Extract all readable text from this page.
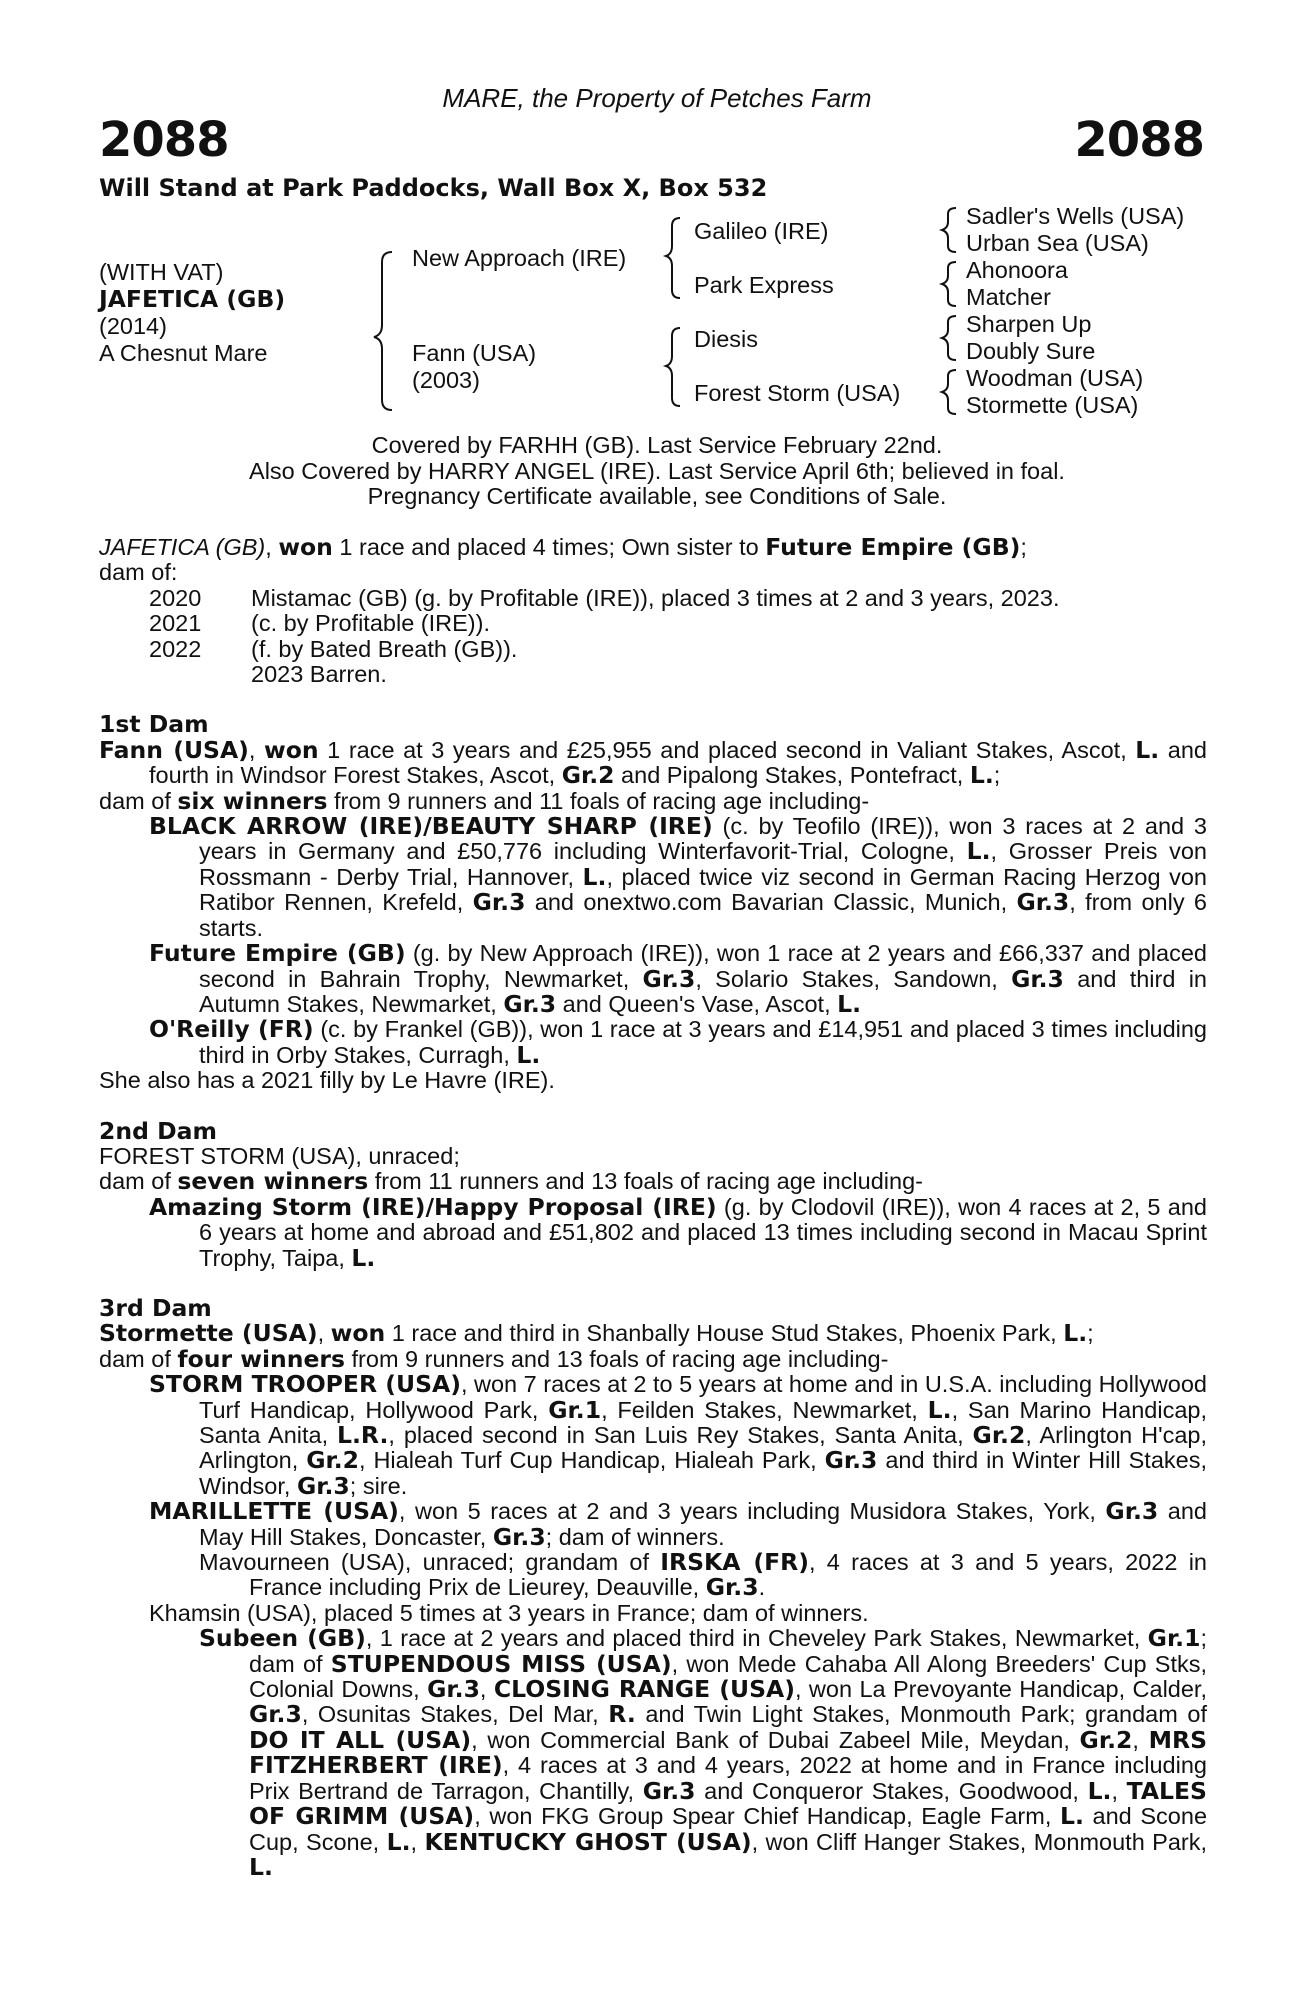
MARE, the Property of Petches Farm
2088	2088
Will Stand at Park Paddocks, Wall Box X, Box 532
(WITH VAT)
JAFETICA (GB)
(2014)
A Chesnut Mare
New Approach (IRE)
Fann (USA)
(2003)
Galileo (IRE)
Park Express
Diesis
Forest Storm (USA)
Sadler's Wells (USA)
Urban Sea (USA)
Ahonoora
Matcher
Sharpen Up
Doubly Sure
Woodman (USA)
Stormette (USA)
Covered by FARHH (GB). Last Service February 22nd.
Also Covered by HARRY ANGEL (IRE). Last Service April 6th; believed in foal.
Pregnancy Certificate available, see Conditions of Sale.

JAFETICA (GB), won 1 race and placed 4 times; Own sister to Future Empire (GB);

dam of:

2020	Mistamac (GB) (g. by Profitable (IRE)), placed 3 times at 2 and 3 years, 2023.
2021	(c. by Profitable (IRE)).
2022	(f. by Bated Breath (GB)).
2023 Barren.

1st Dam

Fann (USA), won 1 race at 3 years and £25,955 and placed second in Valiant Stakes, Ascot, L. and fourth in Windsor Forest Stakes, Ascot, Gr.2 and Pipalong Stakes, Pontefract, L.;

dam of six winners from 9 runners and 11 foals of racing age including-

BLACK ARROW (IRE)/BEAUTY SHARP (IRE) (c. by Teofilo (IRE)), won 3 races at 2 and 3 years in Germany and £50,776 including Winterfavorit-Trial, Cologne, L., Grosser Preis von Rossmann - Derby Trial, Hannover, L., placed twice viz second in German Racing Herzog von Ratibor Rennen, Krefeld, Gr.3 and onextwo.com Bavarian Classic, Munich, Gr.3, from only 6 starts.

Future Empire (GB) (g. by New Approach (IRE)), won 1 race at 2 years and £66,337 and placed second in Bahrain Trophy, Newmarket, Gr.3, Solario Stakes, Sandown, Gr.3 and third in Autumn Stakes, Newmarket, Gr.3 and Queen's Vase, Ascot, L.

O'Reilly (FR) (c. by Frankel (GB)), won 1 race at 3 years and £14,951 and placed 3 times including third in Orby Stakes, Curragh, L.

She also has a 2021 filly by Le Havre (IRE).

2nd Dam

FOREST STORM (USA), unraced;

dam of seven winners from 11 runners and 13 foals of racing age including-

Amazing Storm (IRE)/Happy Proposal (IRE) (g. by Clodovil (IRE)), won 4 races at 2, 5 and 6 years at home and abroad and £51,802 and placed 13 times including second in Macau Sprint Trophy, Taipa, L.

3rd Dam

Stormette (USA), won 1 race and third in Shanbally House Stud Stakes, Phoenix Park, L.;

dam of four winners from 9 runners and 13 foals of racing age including-

STORM TROOPER (USA), won 7 races at 2 to 5 years at home and in U.S.A. including Hollywood Turf Handicap, Hollywood Park, Gr.1, Feilden Stakes, Newmarket, L., San Marino Handicap, Santa Anita, L.R., placed second in San Luis Rey Stakes, Santa Anita, Gr.2, Arlington H'cap, Arlington, Gr.2, Hialeah Turf Cup Handicap, Hialeah Park, Gr.3 and third in Winter Hill Stakes, Windsor, Gr.3; sire.

MARILLETTE (USA), won 5 races at 2 and 3 years including Musidora Stakes, York, Gr.3 and May Hill Stakes, Doncaster, Gr.3; dam of winners.

Mavourneen (USA), unraced; grandam of IRSKA (FR), 4 races at 3 and 5 years, 2022 in France including Prix de Lieurey, Deauville, Gr.3.

Khamsin (USA), placed 5 times at 3 years in France; dam of winners.

Subeen (GB), 1 race at 2 years and placed third in Cheveley Park Stakes, Newmarket, Gr.1; dam of STUPENDOUS MISS (USA), won Mede Cahaba All Along Breeders' Cup Stks, Colonial Downs, Gr.3, CLOSING RANGE (USA), won La Prevoyante Handicap, Calder, Gr.3, Osunitas Stakes, Del Mar, R. and Twin Light Stakes, Monmouth Park; grandam of DO IT ALL (USA), won Commercial Bank of Dubai Zabeel Mile, Meydan, Gr.2, MRS FITZHERBERT (IRE), 4 races at 3 and 4 years, 2022 at home and in France including Prix Bertrand de Tarragon, Chantilly, Gr.3 and Conqueror Stakes, Goodwood, L., TALES OF GRIMM (USA), won FKG Group Spear Chief Handicap, Eagle Farm, L. and Scone Cup, Scone, L., KENTUCKY GHOST (USA), won Cliff Hanger Stakes, Monmouth Park, L.
